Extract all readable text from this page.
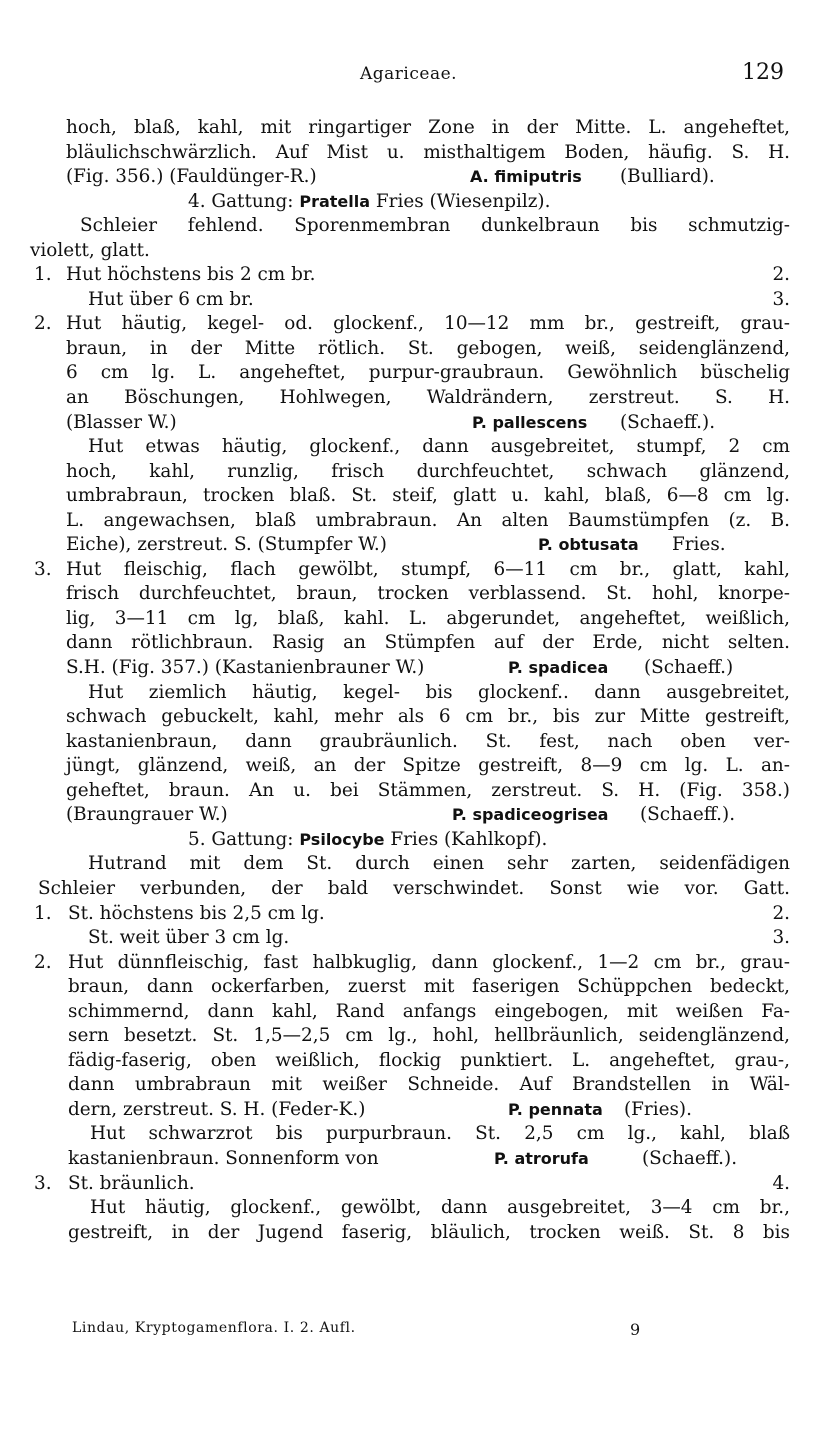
Agariceae.	129
hoch, blaß, kahl, mit ringartiger Zone in der Mitte. L. angeheftet,
bläulichschwärzlich. Auf Mist u. misthaltigem Boden, häufig. S. H.
(Fig. 356.) (Fauldünger-R.)	A. fimiputris (Bulliard).
4. Gattung: Pratella Fries (Wiesenpilz).
Schleier fehlend. Sporenmembran dunkelbraun bis schmutzig-
violett, glatt.
1. Hut höchstens bis 2 cm br.	2.
Hut über 6 cm br.	3.
2. Hut häutig, kegel- od. glockenf., 10—12 mm br., gestreift, grau-
braun, in der Mitte rötlich. St. gebogen, weiß, seidenglänzend,
6 cm lg. L. angeheftet, purpur-graubraun. Gewöhnlich büschelig
an Böschungen, Hohlwegen, Waldrändern, zerstreut. S. H.
(Blasser W.)	P. pallescens (Schaeff.).
Hut etwas häutig, glockenf., dann ausgebreitet, stumpf, 2 cm
hoch, kahl, runzlig, frisch durchfeuchtet, schwach glänzend,
umbrabraun, trocken blaß. St. steif, glatt u. kahl, blaß, 6—8 cm lg.
L. angewachsen, blaß umbrabraun. An alten Baumstümpfen (z. B.
Eiche), zerstreut. S. (Stumpfer W.)	P. obtusata Fries.
3. Hut fleischig, flach gewölbt, stumpf, 6—11 cm br., glatt, kahl,
frisch durchfeuchtet, braun, trocken verblassend. St. hohl, knorpe-
lig, 3—11 cm lg, blaß, kahl. L. abgerundet, angeheftet, weißlich,
dann rötlichbraun. Rasig an Stümpfen auf der Erde, nicht selten.
S.H. (Fig. 357.) (Kastanienbrauner W.)	P. spadicea (Schaeff.)
Hut ziemlich häutig, kegel- bis glockenf.. dann ausgebreitet,
schwach gebuckelt, kahl, mehr als 6 cm br., bis zur Mitte gestreift,
kastanienbraun, dann graubräunlich. St. fest, nach oben ver-
jüngt, glänzend, weiß, an der Spitze gestreift, 8—9 cm lg. L. an-
geheftet, braun. An u. bei Stämmen, zerstreut. S. H. (Fig. 358.)
(Braungrauer W.)	P. spadiceogrisea (Schaeff.).
5. Gattung: Psilocybe Fries (Kahlkopf).
Hutrand mit dem St. durch einen sehr zarten, seidenfädigen
Schleier verbunden, der bald verschwindet. Sonst wie vor. Gatt.
1. St. höchstens bis 2,5 cm lg.	2.
St. weit über 3 cm lg.	3.
2. Hut dünnfleischig, fast halbkuglig, dann glockenf., 1—2 cm br., grau-
braun, dann ockerfarben, zuerst mit faserigen Schüppchen bedeckt,
schimmernd, dann kahl, Rand anfangs eingebogen, mit weißen Fa-
sern besetzt. St. 1,5—2,5 cm lg., hohl, hellbräunlich, seidenglänzend,
fädig-faserig, oben weißlich, flockig punktiert. L. angeheftet, grau-,
dann umbrabraun mit weißer Schneide. Auf Brandstellen in Wäl-
dern, zerstreut. S. H. (Feder-K.)	P. pennata (Fries).
Hut schwarzrot bis purpurbraun. St. 2,5 cm lg., kahl, blaß
kastanienbraun. Sonnenform von	P. atrorufa	(Schaeff.).
3. St. bräunlich.	4.
Hut häutig, glockenf., gewölbt, dann ausgebreitet, 3—4 cm br.,
gestreift, in der Jugend faserig, bläulich, trocken weiß. St. 8 bis
Lindau, Kryptogamenflora. I. 2. Aufl.	9
